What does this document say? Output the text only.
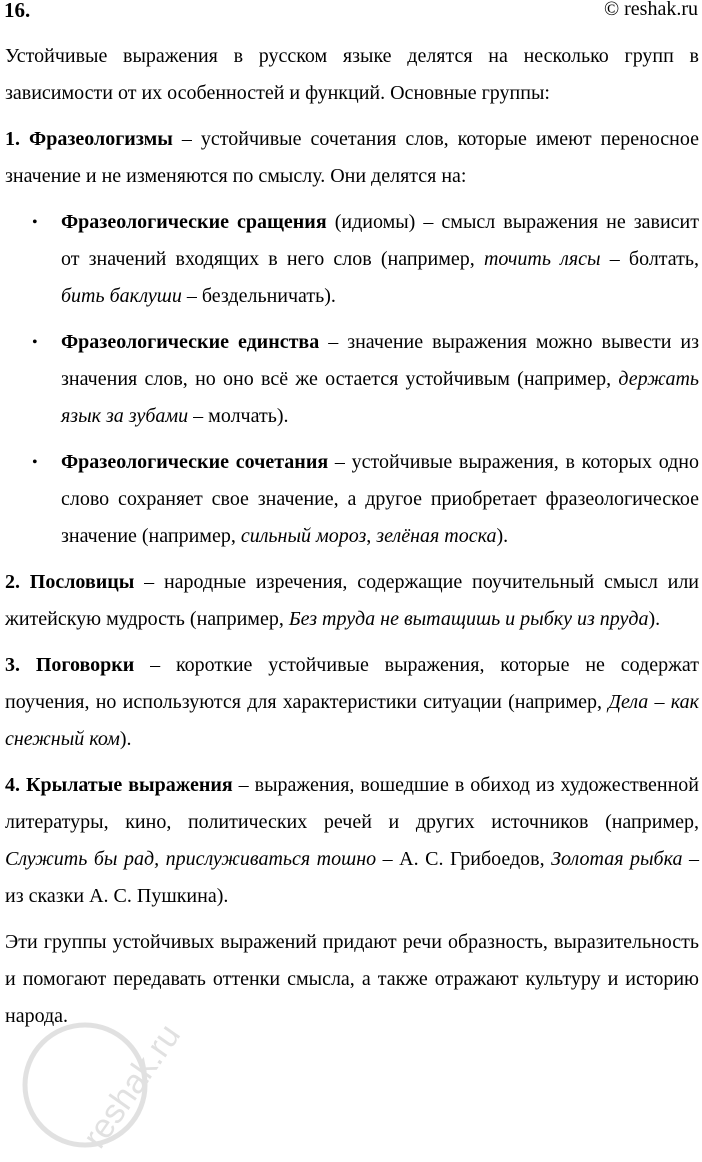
16.	© reshak.ru

Устойчивые выражения в русском языке делятся на несколько групп в зависимости от их особенностей и функций. Основные группы:

1. Фразеологизмы – устойчивые сочетания слов, которые имеют переносное значение и не изменяются по смыслу. Они делятся на:

• Фразеологические сращения (идиомы) – смысл выражения не зависит от значений входящих в него слов (например, точить лясы – болтать, бить баклуши – бездельничать).
• Фразеологические единства – значение выражения можно вывести из значения слов, но оно всё же остается устойчивым (например, держать язык за зубами – молчать).
• Фразеологические сочетания – устойчивые выражения, в которых одно слово сохраняет свое значение, а другое приобретает фразеологическое значение (например, сильный мороз, зелёная тоска).

2. Пословицы – народные изречения, содержащие поучительный смысл или житейскую мудрость (например, Без труда не вытащишь и рыбку из пруда).

3. Поговорки – короткие устойчивые выражения, которые не содержат поучения, но используются для характеристики ситуации (например, Дела – как снежный ком).

4. Крылатые выражения – выражения, вошедшие в обиход из художественной литературы, кино, политических речей и других источников (например, Служить бы рад, прислуживаться тошно – А. С. Грибоедов, Золотая рыбка – из сказки А. С. Пушкина).

Эти группы устойчивых выражений придают речи образность, выразительность и помогают передавать оттенки смысла, а также отражают культуру и историю народа.

reshak.ru
